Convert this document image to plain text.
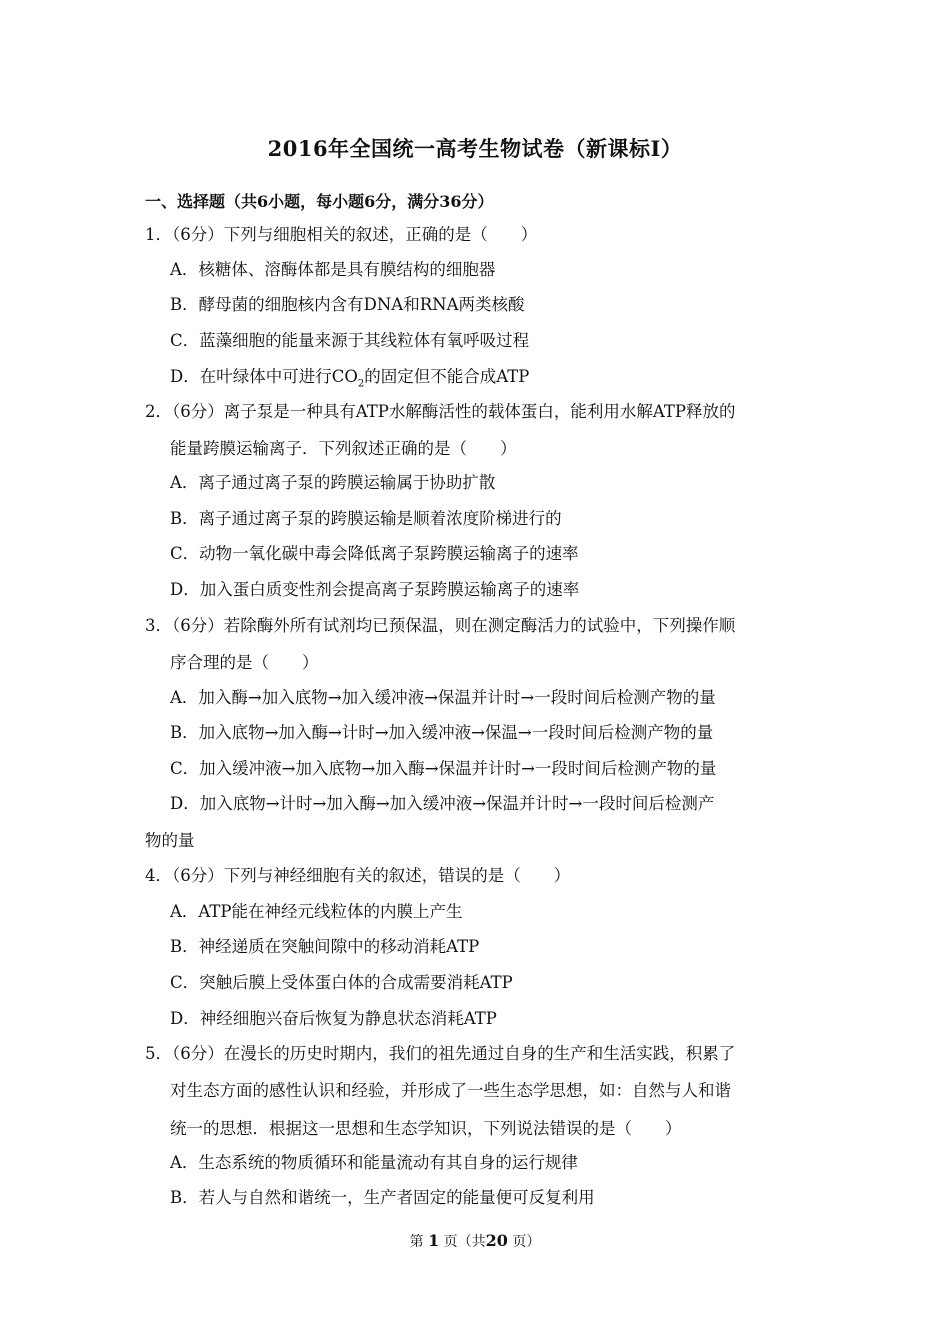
2016年全国统一高考生物试卷（新课标Ⅰ）
一、选择题（共6小题，每小题6分，满分36分）
1．（6分）下列与细胞相关的叙述，正确的是（　　）
A．核糖体、溶酶体都是具有膜结构的细胞器
B．酵母菌的细胞核内含有DNA和RNA两类核酸
C．蓝藻细胞的能量来源于其线粒体有氧呼吸过程
D．在叶绿体中可进行$CO_2$的固定但不能合成ATP
2．（6分）离子泵是一种具有ATP水解酶活性的载体蛋白，能利用水解ATP释放的
能量跨膜运输离子．下列叙述正确的是（　　）
A．离子通过离子泵的跨膜运输属于协助扩散
B．离子通过离子泵的跨膜运输是顺着浓度阶梯进行的
C．动物一氧化碳中毒会降低离子泵跨膜运输离子的速率
D．加入蛋白质变性剂会提高离子泵跨膜运输离子的速率
3．（6分）若除酶外所有试剂均已预保温，则在测定酶活力的试验中，下列操作顺
序合理的是（　　）
A．加入酶→加入底物→加入缓冲液→保温并计时→一段时间后检测产物的量
B．加入底物→加入酶→计时→加入缓冲液→保温→一段时间后检测产物的量
C．加入缓冲液→加入底物→加入酶→保温并计时→一段时间后检测产物的量
D．加入底物→计时→加入酶→加入缓冲液→保温并计时→一段时间后检测产
物的量
4．（6分）下列与神经细胞有关的叙述，错误的是（　　）
A．ATP能在神经元线粒体的内膜上产生
B．神经递质在突触间隙中的移动消耗ATP
C．突触后膜上受体蛋白体的合成需要消耗ATP
D．神经细胞兴奋后恢复为静息状态消耗ATP
5．（6分）在漫长的历史时期内，我们的祖先通过自身的生产和生活实践，积累了
对生态方面的感性认识和经验，并形成了一些生态学思想，如：自然与人和谐
统一的思想．根据这一思想和生态学知识，下列说法错误的是（　　）
A．生态系统的物质循环和能量流动有其自身的运行规律
B．若人与自然和谐统一，生产者固定的能量便可反复利用
第 1 页（共20 页）
